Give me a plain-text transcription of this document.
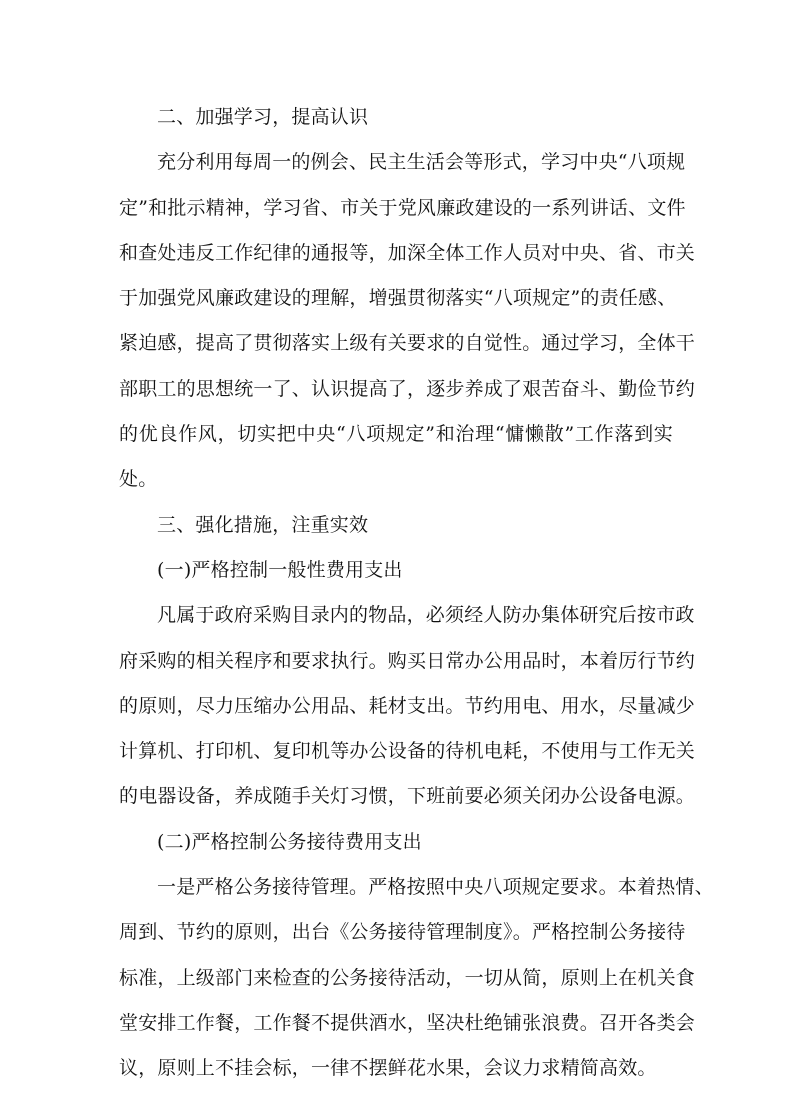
二、加强学习，提高认识
充分利用每周一的例会、民主生活会等形式，学习中央“八项规
定”和批示精神，学习省、市关于党风廉政建设的一系列讲话、文件
和查处违反工作纪律的通报等，加深全体工作人员对中央、省、市关
于加强党风廉政建设的理解，增强贯彻落实“八项规定”的责任感、
紧迫感，提高了贯彻落实上级有关要求的自觉性。通过学习，全体干
部职工的思想统一了、认识提高了，逐步养成了艰苦奋斗、勤俭节约
的优良作风，切实把中央“八项规定”和治理“慵懒散”工作落到实
处。
三、强化措施，注重实效
(一)严格控制一般性费用支出
凡属于政府采购目录内的物品，必须经人防办集体研究后按市政
府采购的相关程序和要求执行。购买日常办公用品时，本着厉行节约
的原则，尽力压缩办公用品、耗材支出。节约用电、用水，尽量减少
计算机、打印机、复印机等办公设备的待机电耗，不使用与工作无关
的电器设备，养成随手关灯习惯，下班前要必须关闭办公设备电源。
(二)严格控制公务接待费用支出
一是严格公务接待管理。严格按照中央八项规定要求。本着热情、
周到、节约的原则，出台《公务接待管理制度》。严格控制公务接待
标准，上级部门来检查的公务接待活动，一切从简，原则上在机关食
堂安排工作餐，工作餐不提供酒水，坚决杜绝铺张浪费。召开各类会
议，原则上不挂会标，一律不摆鲜花水果，会议力求精简高效。
